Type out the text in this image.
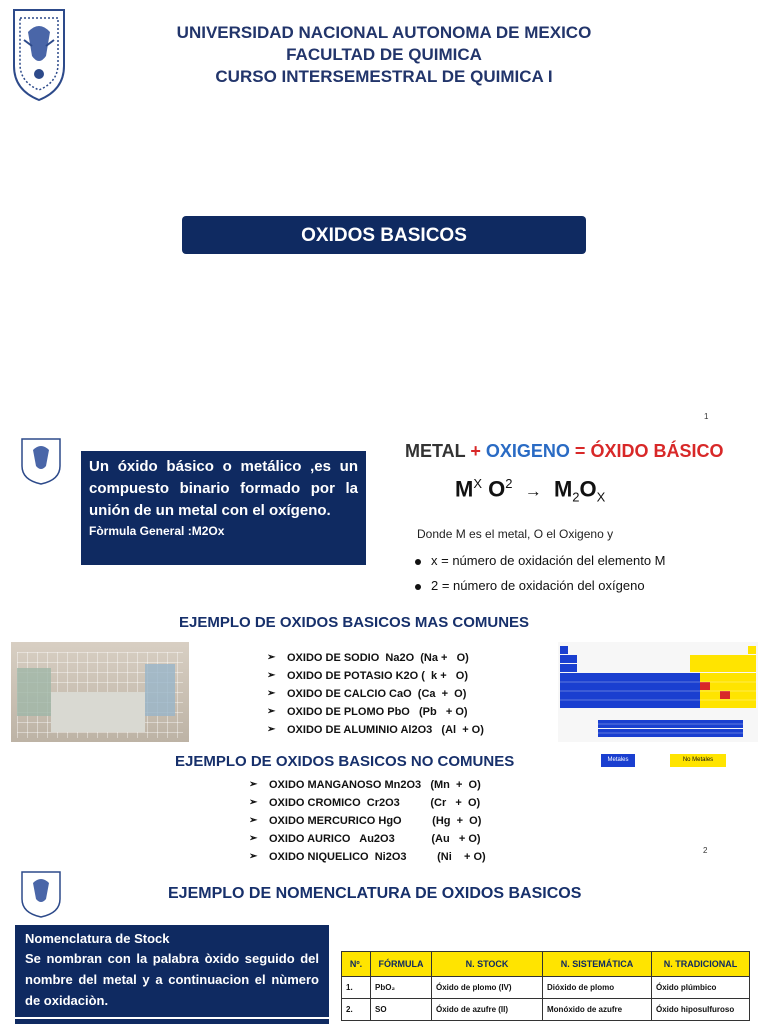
UNIVERSIDAD NACIONAL AUTONOMA DE MEXICO
FACULTAD DE QUIMICA
CURSO INTERSEMESTRAL DE QUIMICA I
OXIDOS BASICOS
1
Un óxido básico o metálico ,es un compuesto binario formado por la unión de un metal con el oxígeno.
Fòrmula General :M2Ox
METAL + OXIGENO = ÓXIDO BÁSICO
$M^X$ $O^2 \to M_2O_X$
Donde M es el metal, O el Oxigeno y
x = número de oxidación del elemento M
2 = número de oxidación del oxígeno
EJEMPLO DE OXIDOS BASICOS MAS COMUNES
➢ OXIDO DE SODIO  Na2O  (Na +   O)
➢ OXIDO DE POTASIO K2O (  k +   O)
➢ OXIDO DE CALCIO CaO  (Ca  +  O)
➢ OXIDO DE PLOMO PbO   (Pb   + O)
➢ OXIDO DE ALUMINIO Al2O3   (Al  + O)
Metales	No Metales
EJEMPLO DE OXIDOS BASICOS NO COMUNES
➢ OXIDO MANGANOSO Mn2O3   (Mn  +  O)
➢ OXIDO CROMICO  Cr2O3          (Cr   +  O)
➢ OXIDO MERCURICO HgO          (Hg  +  O)
➢ OXIDO AURICO   Au2O3            (Au   + O)
➢ OXIDO NIQUELICO  Ni2O3          (Ni    + O)
2
EJEMPLO DE NOMENCLATURA DE OXIDOS BASICOS
Nomenclatura de Stock
Se nombran con la palabra òxido seguido del nombre del metal y a continuacion el nùmero de oxidaciòn.
Nº.	FÓRMULA	N. STOCK	N. SISTEMÁTICA	N. TRADICIONAL
1.	PbO₂	Óxido de plomo (IV)	Dióxido de plomo	Óxido plúmbico
2.	SO	Óxido de azufre (II)	Monóxido de azufre	Óxido hiposulfuroso
